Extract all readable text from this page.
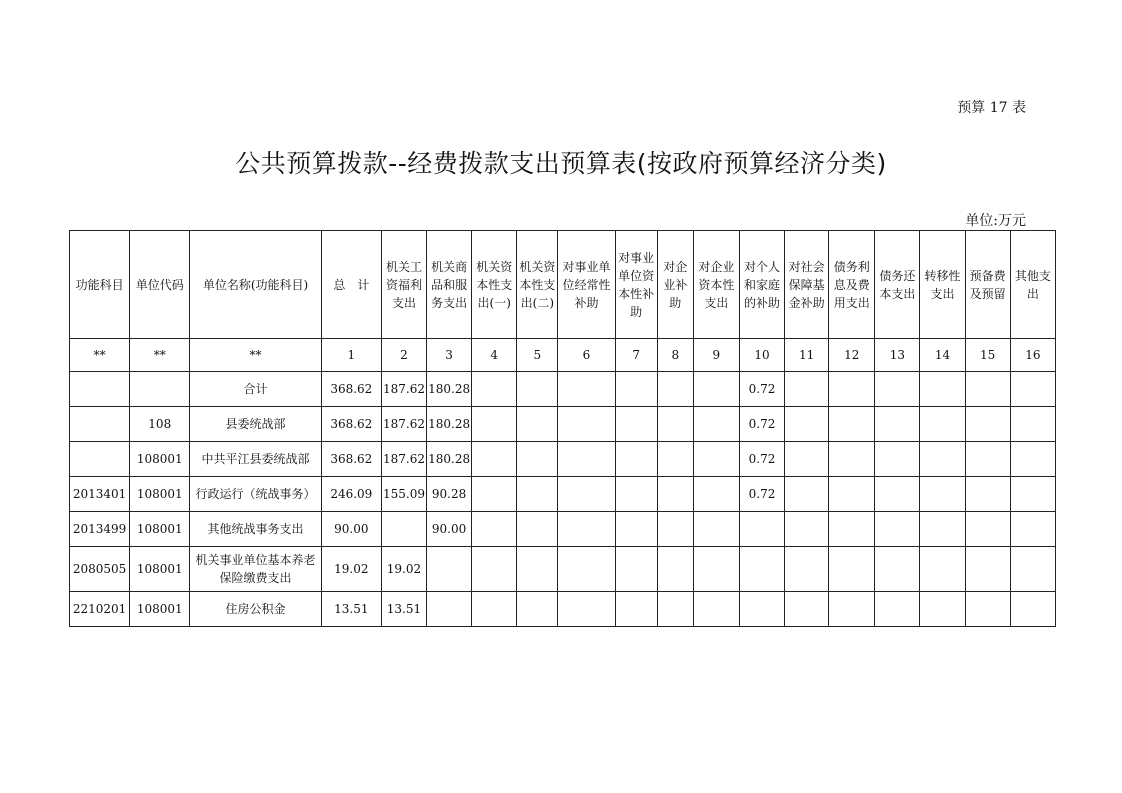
预算 17 表
公共预算拨款--经费拨款支出预算表(按政府预算经济分类)
单位:万元
功能科目	单位代码	单位名称(功能科目)	总　计	机关工资福利支出	机关商品和服务支出	机关资本性支出(一)	机关资本性支出(二)	对事业单位经常性补助	对事业单位资本性补助	对企业补助	对企业资本性支出	对个人和家庭的补助	对社会保障基金补助	债务利息及费用支出	债务还本支出	转移性支出	预备费及预留	其他支出
**	**	**	1	2	3	4	5	6	7	8	9	10	11	12	13	14	15	16
		合计	368.62	187.62	180.28							0.72						
	108	县委统战部	368.62	187.62	180.28							0.72						
	108001	中共平江县委统战部	368.62	187.62	180.28							0.72						
2013401	108001	行政运行（统战事务）	246.09	155.09	90.28							0.72						
2013499	108001	其他统战事务支出	90.00		90.00													
2080505	108001	机关事业单位基本养老保险缴费支出	19.02	19.02														
2210201	108001	住房公积金	13.51	13.51														
